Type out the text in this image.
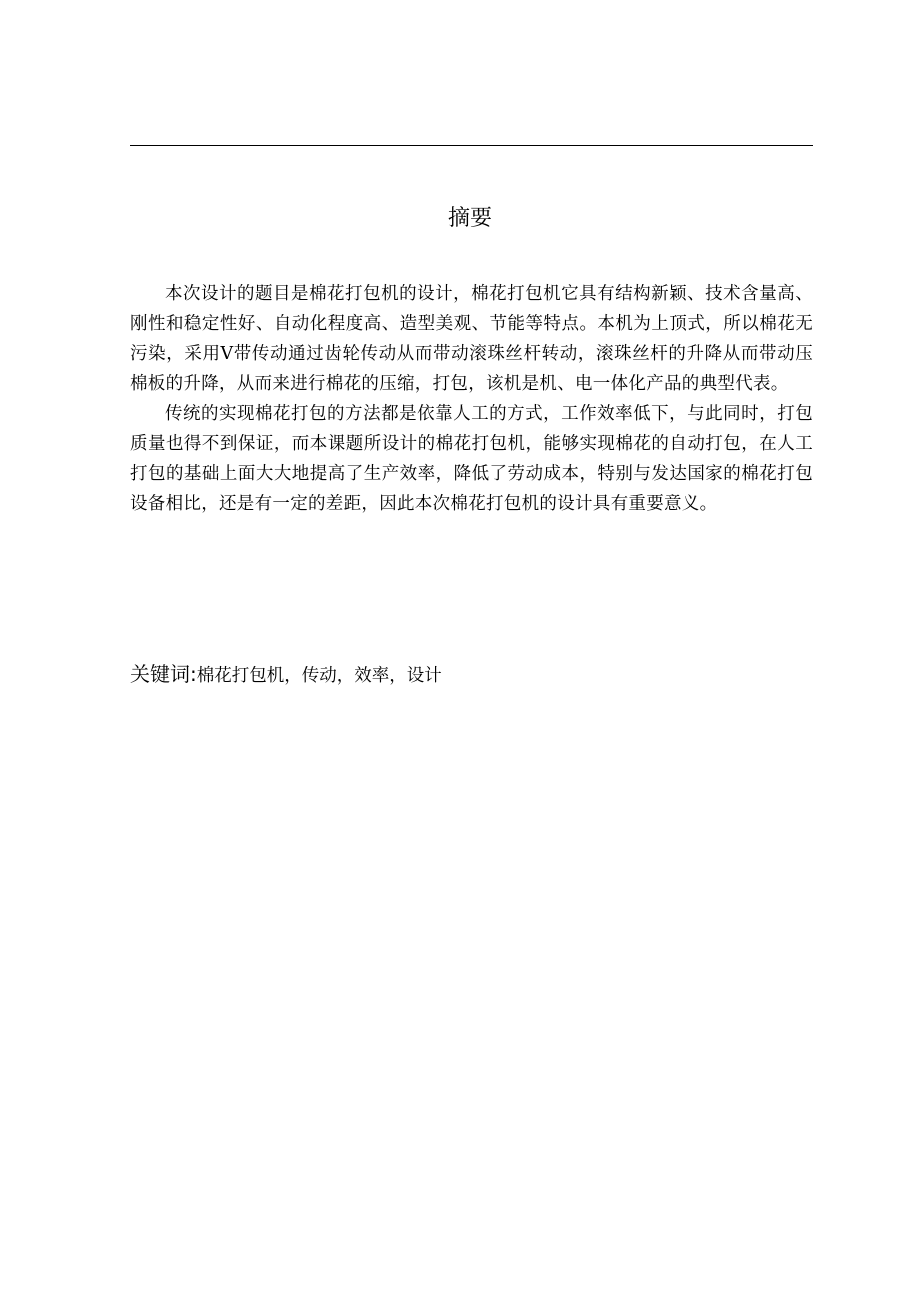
摘要

本次设计的题目是棉花打包机的设计，棉花打包机它具有结构新颖、技术含量高、刚性和稳定性好、自动化程度高、造型美观、节能等特点。本机为上顶式，所以棉花无污染，采用V带传动通过齿轮传动从而带动滚珠丝杆转动，滚珠丝杆的升降从而带动压棉板的升降，从而来进行棉花的压缩，打包，该机是机、电一体化产品的典型代表。

传统的实现棉花打包的方法都是依靠人工的方式，工作效率低下，与此同时，打包质量也得不到保证，而本课题所设计的棉花打包机，能够实现棉花的自动打包，在人工打包的基础上面大大地提高了生产效率，降低了劳动成本，特别与发达国家的棉花打包设备相比，还是有一定的差距，因此本次棉花打包机的设计具有重要意义。

关键词:棉花打包机，传动，效率，设计
